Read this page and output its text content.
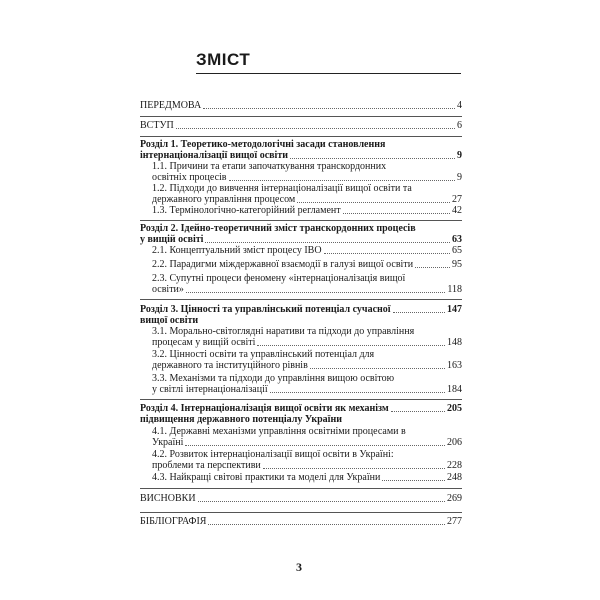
ЗМІСТ
ПЕРЕДМОВА	4
ВСТУП	6
Розділ 1. Теоретико-методологічні засади становлення
інтернаціоналізації вищої освіти	9
1.1. Причини та етапи започаткування транскордонних
освітніх процесів	9
1.2. Підходи до вивчення інтернаціоналізації вищої освіти та
державного управління процесом	27
1.3. Термінологічно-категорійний регламент	42
Розділ 2. Ідейно-теоретичний зміст транскордонних процесів
у вищій освіті	63
2.1. Концептуальний зміст процесу ІВО	65
2.2. Парадигми міждержавної взаємодії в галузі вищої освіти	95
2.3. Супутні процеси феномену «інтернаціоналізація вищої
освіти»	118
Розділ 3. Цінності та управлінський потенціал сучасної	147
вищої освіти
3.1. Морально-світоглядні наративи та підходи до управління
процесам у вищій освіті	148
3.2. Цінності освіти та управлінський потенціал для
державного та інституційного рівнів	163
3.3. Механізми та підходи до управління вищою освітою
у світлі інтернаціоналізації	184
Розділ 4. Інтернаціоналізація вищої освіти як механізм	205
підвищення державного потенціалу України
4.1. Державні механізми управління освітніми процесами в
Україні	206
4.2. Розвиток інтернаціоналізації вищої освіти в Україні:
проблеми та перспективи	228
4.3. Найкращі світові практики та моделі для України	248
ВИСНОВКИ	269
БІБЛІОГРАФІЯ	277
3
